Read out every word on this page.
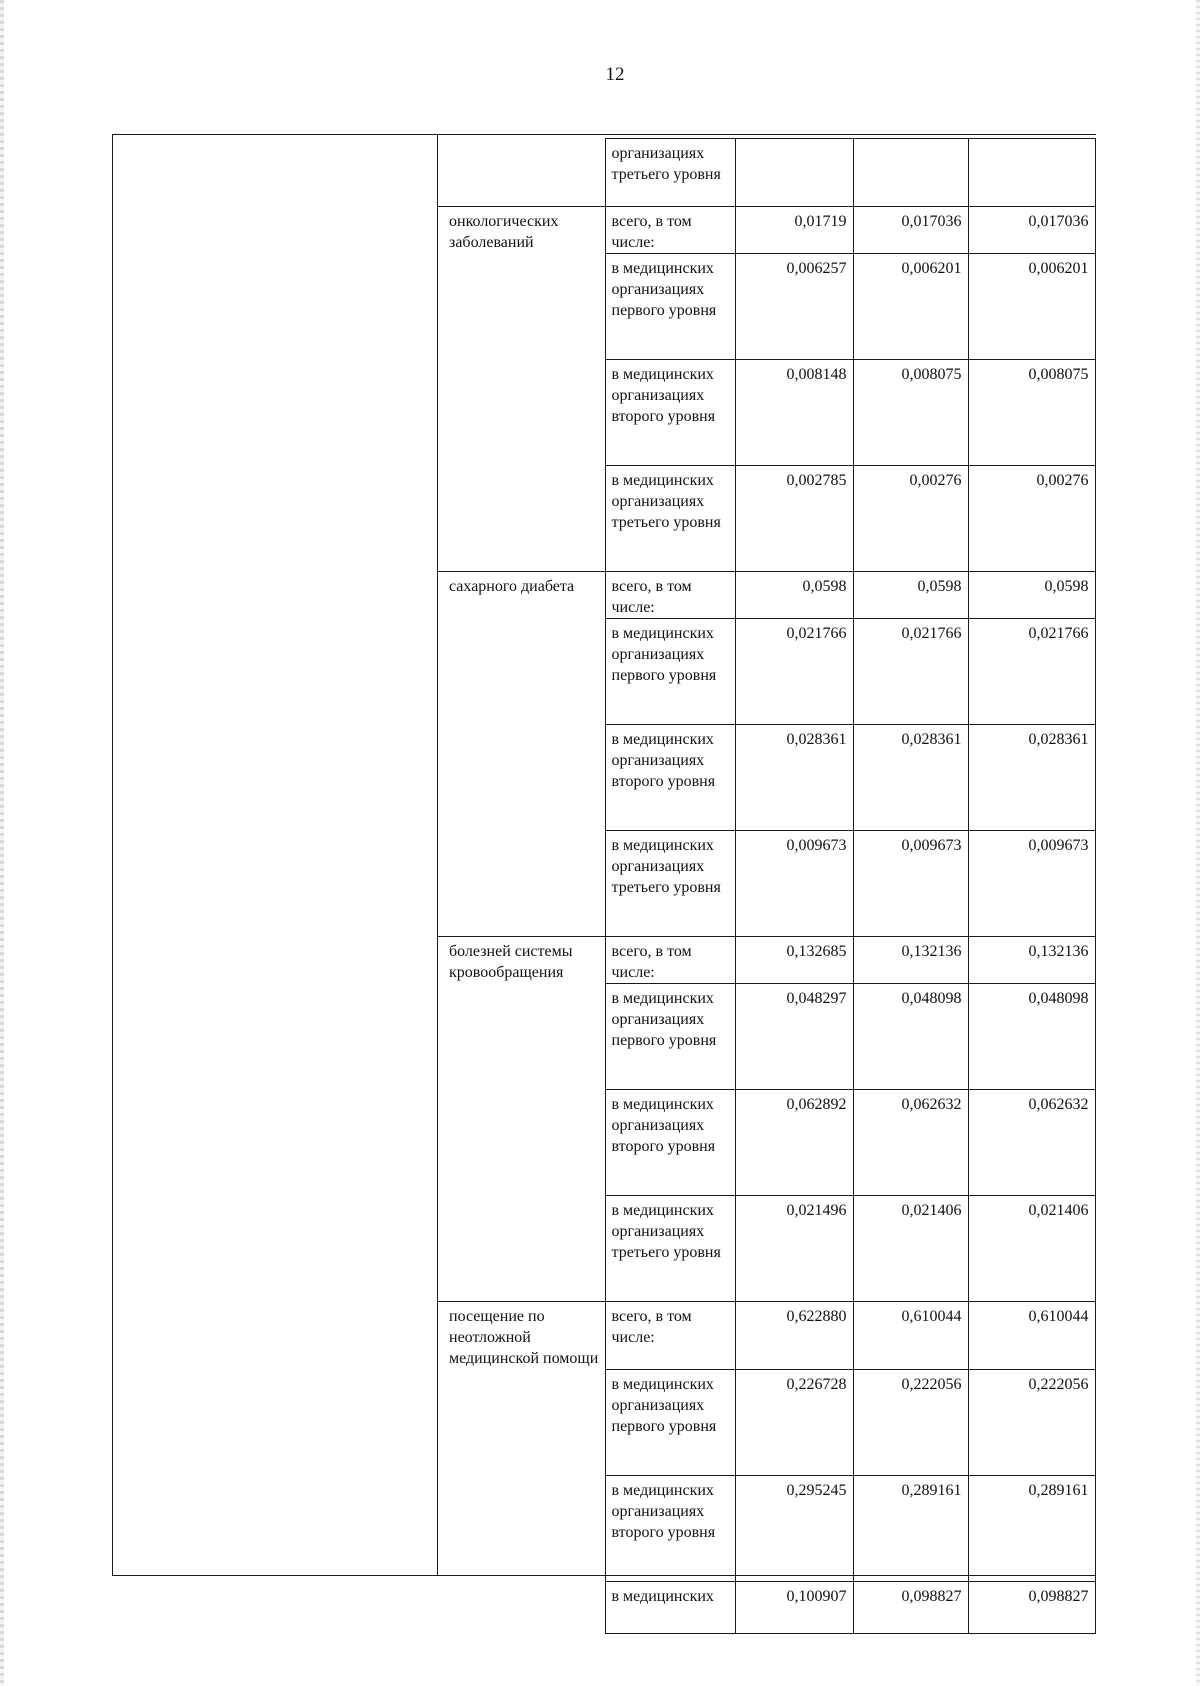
12
	организациях третьего уровня			
онкологических заболеваний	всего, в том числе:	0,01719	0,017036	0,017036
	в медицинских организациях первого уровня	0,006257	0,006201	0,006201
	в медицинских организациях второго уровня	0,008148	0,008075	0,008075
	в медицинских организациях третьего уровня	0,002785	0,00276	0,00276
сахарного диабета	всего, в том числе:	0,0598	0,0598	0,0598
	в медицинских организациях первого уровня	0,021766	0,021766	0,021766
	в медицинских организациях второго уровня	0,028361	0,028361	0,028361
	в медицинских организациях третьего уровня	0,009673	0,009673	0,009673
болезней системы кровообращения	всего, в том числе:	0,132685	0,132136	0,132136
	в медицинских организациях первого уровня	0,048297	0,048098	0,048098
	в медицинских организациях второго уровня	0,062892	0,062632	0,062632
	в медицинских организациях третьего уровня	0,021496	0,021406	0,021406
посещение по неотложной медицинской помощи	всего, в том числе:	0,622880	0,610044	0,610044
	в медицинских организациях первого уровня	0,226728	0,222056	0,222056
	в медицинских организациях второго уровня	0,295245	0,289161	0,289161
	в медицинских	0,100907	0,098827	0,098827
